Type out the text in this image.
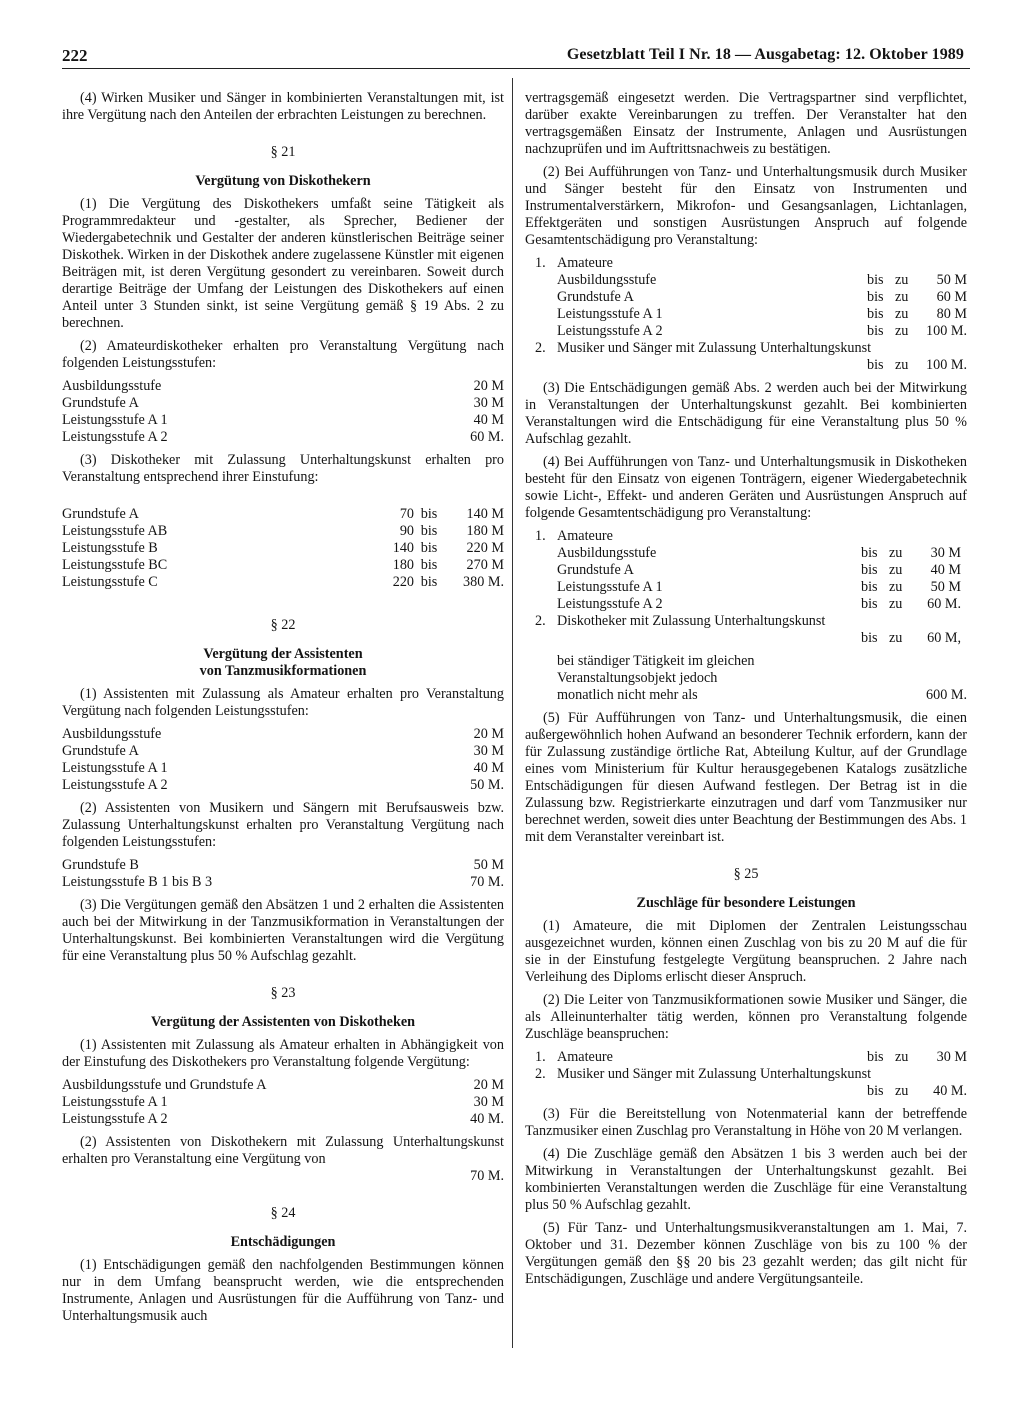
222	Gesetzblatt Teil I Nr. 18 — Ausgabetag: 12. Oktober 1989

(4) Wirken Musiker und Sänger in kombinierten Veranstaltungen mit, ist ihre Vergütung nach den Anteilen der erbrachten Leistungen zu berechnen.

§ 21
Vergütung von Diskothekern

(1) Die Vergütung des Diskothekers umfaßt seine Tätigkeit als Programmredakteur und -gestalter, als Sprecher, Bediener der Wiedergabetechnik und Gestalter der anderen künstlerischen Beiträge seiner Diskothek. Wirken in der Diskothek andere zugelassene Künstler mit eigenen Beiträgen mit, ist deren Vergütung gesondert zu vereinbaren. Soweit durch derartige Beiträge der Umfang der Leistungen des Diskothekers auf einen Anteil unter 3 Stunden sinkt, ist seine Vergütung gemäß § 19 Abs. 2 zu berechnen.

(2) Amateurdiskotheker erhalten pro Veranstaltung Vergütung nach folgenden Leistungsstufen:

Ausbildungsstufe	20 M
Grundstufe A	30 M
Leistungsstufe A 1	40 M
Leistungsstufe A 2	60 M.

(3) Diskotheker mit Zulassung Unterhaltungskunst erhalten pro Veranstaltung entsprechend ihrer Einstufung:

Grundstufe A	70 bis	140 M
Leistungsstufe AB	90 bis	180 M
Leistungsstufe B	140 bis	220 M
Leistungsstufe BC	180 bis	270 M
Leistungsstufe C	220 bis	380 M.
§ 22
Vergütung der Assistenten
von Tanzmusikformationen

(1) Assistenten mit Zulassung als Amateur erhalten pro Veranstaltung Vergütung nach folgenden Leistungsstufen:

Ausbildungsstufe	20 M
Grundstufe A	30 M
Leistungsstufe A 1	40 M
Leistungsstufe A 2	50 M.

(2) Assistenten von Musikern und Sängern mit Berufsausweis bzw. Zulassung Unterhaltungskunst erhalten pro Veranstaltung Vergütung nach folgenden Leistungsstufen:

Grundstufe B	50 M
Leistungsstufe B 1 bis B 3	70 M.

(3) Die Vergütungen gemäß den Absätzen 1 und 2 erhalten die Assistenten auch bei der Mitwirkung in der Tanzmusikformation in Veranstaltungen der Unterhaltungskunst. Bei kombinierten Veranstaltungen wird die Vergütung für eine Veranstaltung plus 50 % Aufschlag gezahlt.

§ 23
Vergütung der Assistenten von Diskotheken

(1) Assistenten mit Zulassung als Amateur erhalten in Abhängigkeit von der Einstufung des Diskothekers pro Veranstaltung folgende Vergütung:

Ausbildungsstufe und Grundstufe A	20 M
Leistungsstufe A 1	30 M
Leistungsstufe A 2	40 M.

(2) Assistenten von Diskothekern mit Zulassung Unterhaltungskunst erhalten pro Veranstaltung eine Vergütung von

70 M.
§ 24
Entschädigungen

(1) Entschädigungen gemäß den nachfolgenden Bestimmungen können nur in dem Umfang beansprucht werden, wie die entsprechenden Instrumente, Anlagen und Ausrüstungen für die Aufführung von Tanz- und Unterhaltungsmusik auch

vertragsgemäß eingesetzt werden. Die Vertragspartner sind verpflichtet, darüber exakte Vereinbarungen zu treffen. Der Veranstalter hat den vertragsgemäßen Einsatz der Instrumente, Anlagen und Ausrüstungen nachzuprüfen und im Auftrittsnachweis zu bestätigen.

(2) Bei Aufführungen von Tanz- und Unterhaltungsmusik durch Musiker und Sänger besteht für den Einsatz von Instrumenten und Instrumentalverstärkern, Mikrofon- und Gesangsanlagen, Lichtanlagen, Effektgeräten und sonstigen Ausrüstungen Anspruch auf folgende Gesamtentschädigung pro Veranstaltung:

1. Amateure
Ausbildungsstufe	bis zu	50 M
Grundstufe A	bis zu	60 M
Leistungsstufe A 1	bis zu	80 M
Leistungsstufe A 2	bis zu	100 M.
2. Musiker und Sänger mit Zulassung Unterhaltungskunst
bis zu	100 M.

(3) Die Entschädigungen gemäß Abs. 2 werden auch bei der Mitwirkung in Veranstaltungen der Unterhaltungskunst gezahlt. Bei kombinierten Veranstaltungen wird die Entschädigung für eine Veranstaltung plus 50 % Aufschlag gezahlt.

(4) Bei Aufführungen von Tanz- und Unterhaltungsmusik in Diskotheken besteht für den Einsatz von eigenen Tonträgern, eigener Wiedergabetechnik sowie Licht-, Effekt- und anderen Geräten und Ausrüstungen Anspruch auf folgende Gesamtentschädigung pro Veranstaltung:

1. Amateure
Ausbildungsstufe	bis zu	30 M
Grundstufe A	bis zu	40 M
Leistungsstufe A 1	bis zu	50 M
Leistungsstufe A 2	bis zu	60 M.
2. Diskotheker mit Zulassung Unterhaltungskunst
bis zu	60 M,
bei ständiger Tätigkeit im gleichen
Veranstaltungsobjekt jedoch
monatlich nicht mehr als	600 M.

(5) Für Aufführungen von Tanz- und Unterhaltungsmusik, die einen außergewöhnlich hohen Aufwand an besonderer Technik erfordern, kann der für Zulassung zuständige örtliche Rat, Abteilung Kultur, auf der Grundlage eines vom Ministerium für Kultur herausgegebenen Katalogs zusätzliche Entschädigungen für diesen Aufwand festlegen. Der Betrag ist in die Zulassung bzw. Registrierkarte einzutragen und darf vom Tanzmusiker nur berechnet werden, soweit dies unter Beachtung der Bestimmungen des Abs. 1 mit dem Veranstalter vereinbart ist.

§ 25
Zuschläge für besondere Leistungen

(1) Amateure, die mit Diplomen der Zentralen Leistungsschau ausgezeichnet wurden, können einen Zuschlag von bis zu 20 M auf die für sie in der Einstufung festgelegte Vergütung beanspruchen. 2 Jahre nach Verleihung des Diploms erlischt dieser Anspruch.

(2) Die Leiter von Tanzmusikformationen sowie Musiker und Sänger, die als Alleinunterhalter tätig werden, können pro Veranstaltung folgende Zuschläge beanspruchen:

1. Amateure	bis zu	30 M
2. Musiker und Sänger mit Zulassung Unterhaltungskunst
bis zu	40 M.

(3) Für die Bereitstellung von Notenmaterial kann der betreffende Tanzmusiker einen Zuschlag pro Veranstaltung in Höhe von 20 M verlangen.

(4) Die Zuschläge gemäß den Absätzen 1 bis 3 werden auch bei der Mitwirkung in Veranstaltungen der Unterhaltungskunst gezahlt. Bei kombinierten Veranstaltungen werden die Zuschläge für eine Veranstaltung plus 50 % Aufschlag gezahlt.

(5) Für Tanz- und Unterhaltungsmusikveranstaltungen am 1. Mai, 7. Oktober und 31. Dezember können Zuschläge von bis zu 100 % der Vergütungen gemäß den §§ 20 bis 23 gezahlt werden; das gilt nicht für Entschädigungen, Zuschläge und andere Vergütungsanteile.
